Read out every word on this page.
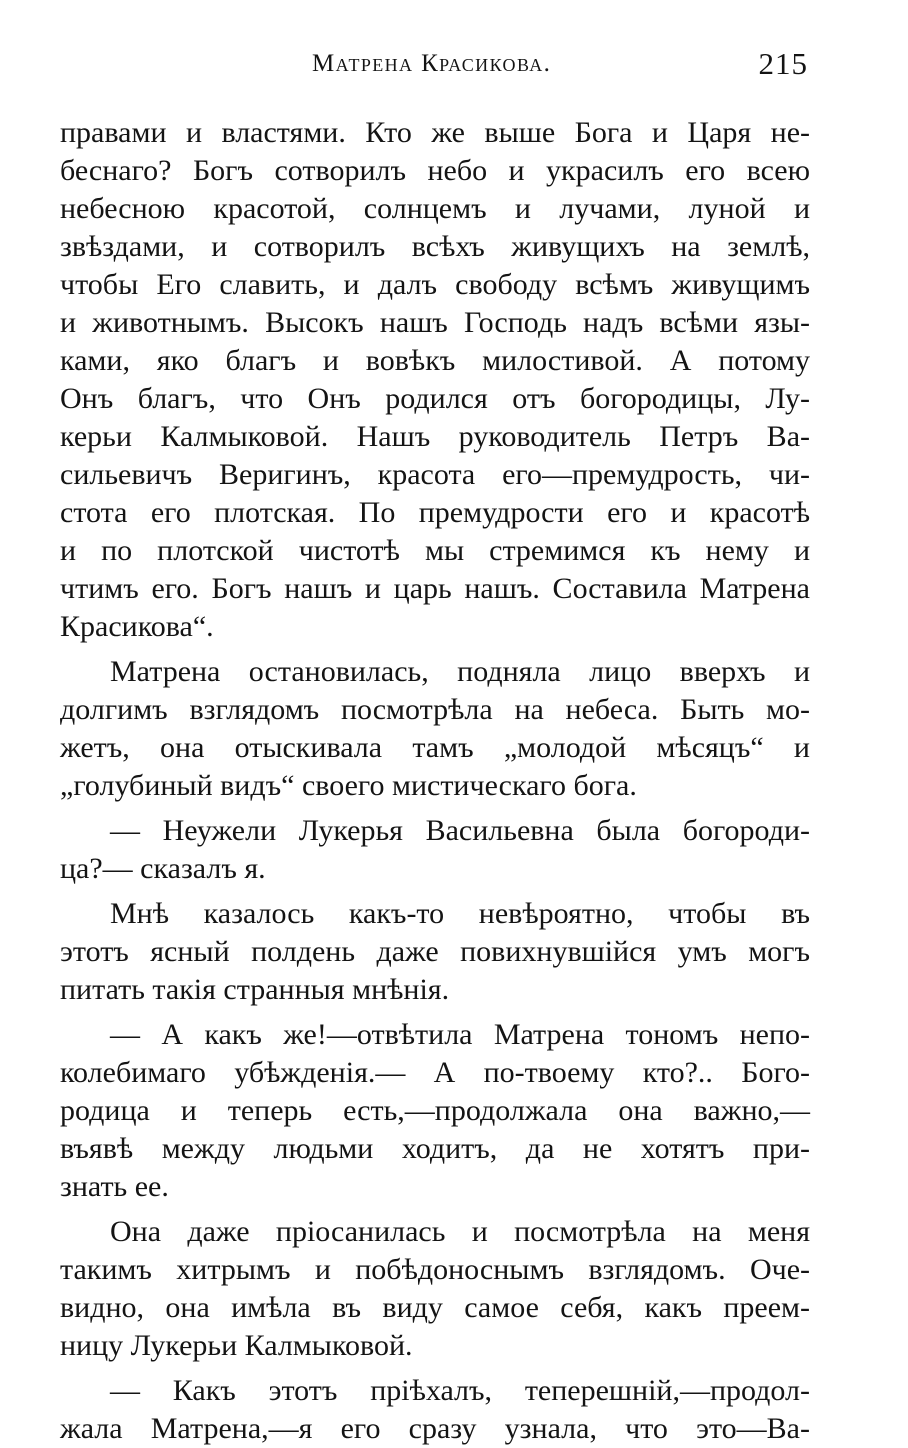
Матрена Красикова.	215
правами и властями. Кто же выше Бога и Царя не-
беснаго? Богъ сотворилъ небо и украсилъ его всею
небесною красотой, солнцемъ и лучами, луной и
звѣздами, и сотворилъ всѣхъ живущихъ на землѣ,
чтобы Его славить, и далъ свободу всѣмъ живущимъ
и животнымъ. Высокъ нашъ Господь надъ всѣми язы-
ками, яко благъ и вовѣкъ милостивой. А потому
Онъ благъ, что Онъ родился отъ богородицы, Лу-
керьи Калмыковой. Нашъ руководитель Петръ Ва-
сильевичъ Веригинъ, красота его—премудрость, чи-
стота его плотская. По премудрости его и красотѣ
и по плотской чистотѣ мы стремимся къ нему и
чтимъ его. Богъ нашъ и царь нашъ. Составила Матрена
Красикова“.
Матрена остановилась, подняла лицо вверхъ и
долгимъ взглядомъ посмотрѣла на небеса. Быть мо-
жетъ, она отыскивала тамъ „молодой мѣсяцъ“ и
„голубиный видъ“ своего мистическаго бога.
— Неужели Лукерья Васильевна была богороди-
ца?— сказалъ я.
Мнѣ казалось какъ-то невѣроятно, чтобы въ
этотъ ясный полдень даже повихнувшійся умъ могъ
питать такія странныя мнѣнія.
— А какъ же!—отвѣтила Матрена тономъ непо-
колебимаго убѣжденія.— А по-твоему кто?.. Бого-
родица и теперь есть,—продолжала она важно,—
въявѣ между людьми ходитъ, да не хотятъ при-
знать ее.
Она даже пріосанилась и посмотрѣла на меня
такимъ хитрымъ и побѣдоноснымъ взглядомъ. Оче-
видно, она имѣла въ виду самое себя, какъ преем-
ницу Лукерьи Калмыковой.
— Какъ этотъ пріѣхалъ, теперешній,—продол-
жала Матрена,—я его сразу узнала, что это—Ва-
